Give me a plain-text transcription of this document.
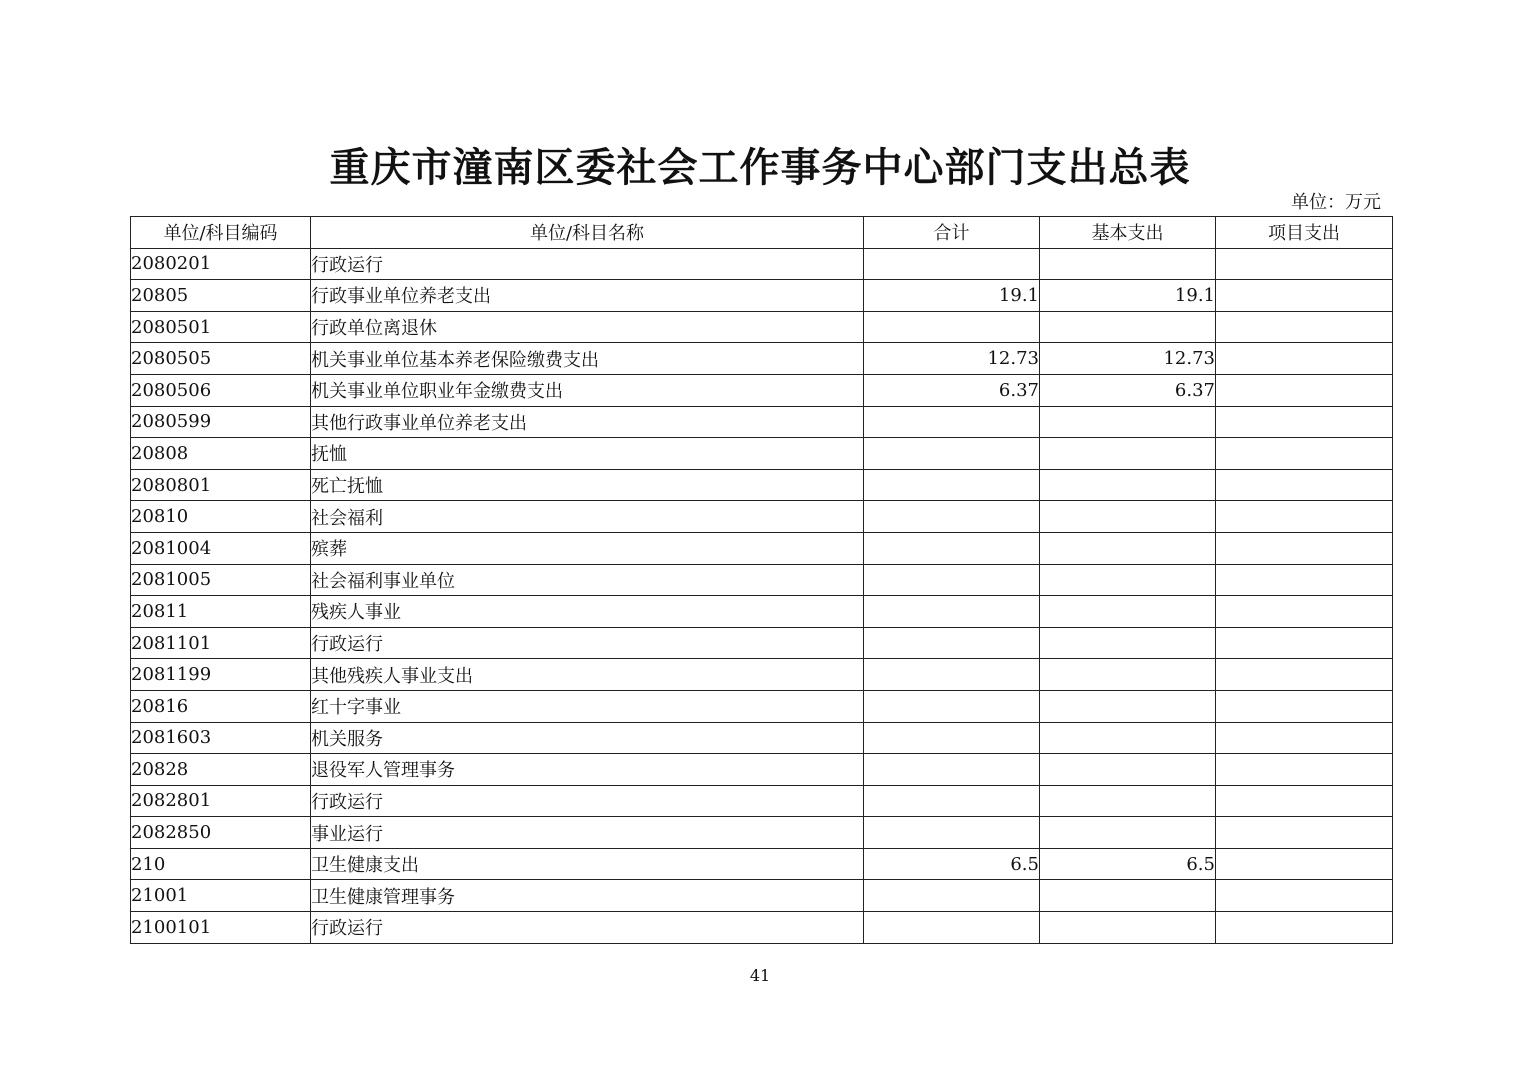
重庆市潼南区委社会工作事务中心部门支出总表
单位：万元
单位/科目编码	单位/科目名称	合计	基本支出	项目支出
2080201	行政运行			
20805	行政事业单位养老支出	19.1	19.1	
2080501	行政单位离退休			
2080505	机关事业单位基本养老保险缴费支出	12.73	12.73	
2080506	机关事业单位职业年金缴费支出	6.37	6.37	
2080599	其他行政事业单位养老支出			
20808	抚恤			
2080801	死亡抚恤			
20810	社会福利			
2081004	殡葬			
2081005	社会福利事业单位			
20811	残疾人事业			
2081101	行政运行			
2081199	其他残疾人事业支出			
20816	红十字事业			
2081603	机关服务			
20828	退役军人管理事务			
2082801	行政运行			
2082850	事业运行			
210	卫生健康支出	6.5	6.5	
21001	卫生健康管理事务			
2100101	行政运行			
41
